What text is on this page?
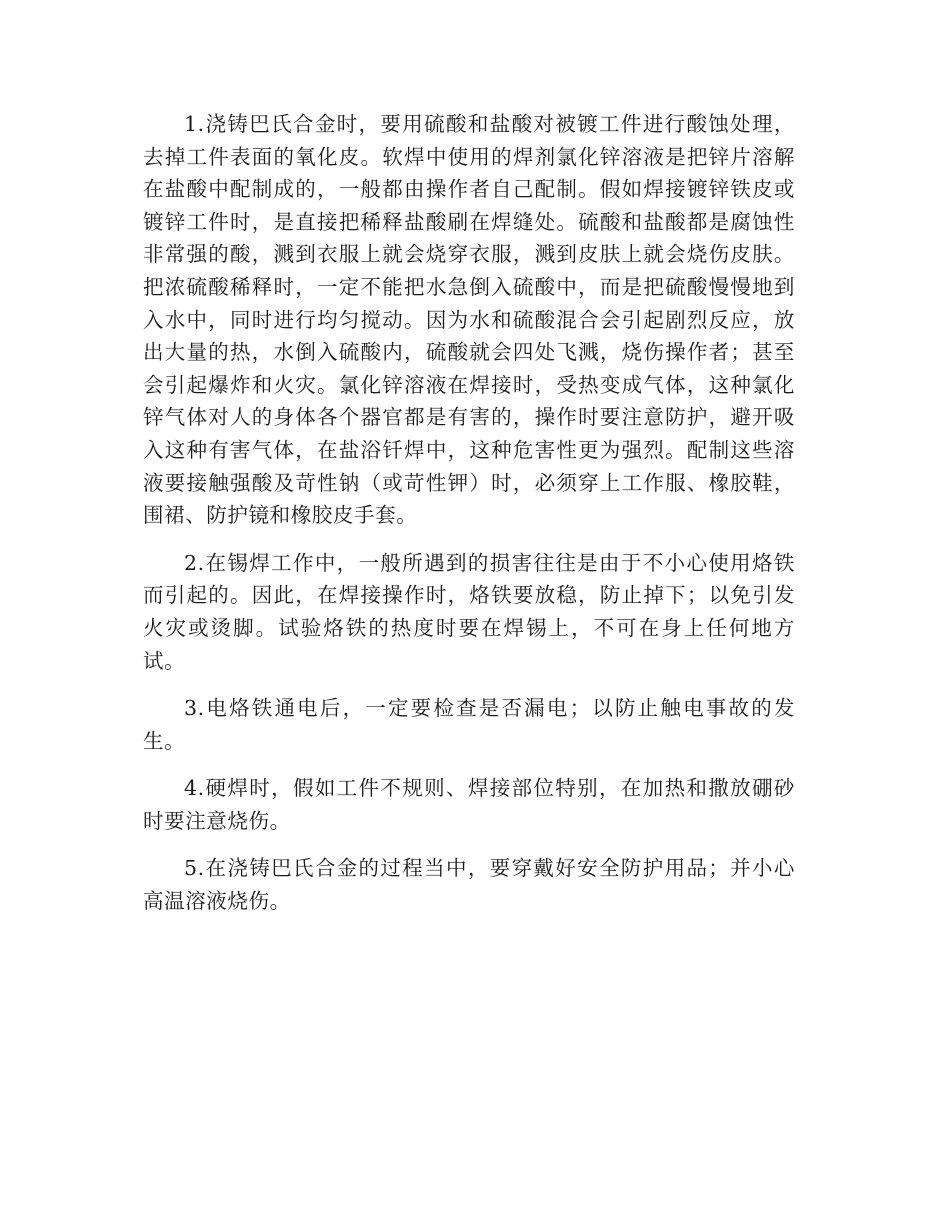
1.浇铸巴氏合金时，要用硫酸和盐酸对被镀工件进行酸蚀处理，去掉工件表面的氧化皮。软焊中使用的焊剂氯化锌溶液是把锌片溶解在盐酸中配制成的，一般都由操作者自己配制。假如焊接镀锌铁皮或镀锌工件时，是直接把稀释盐酸刷在焊缝处。硫酸和盐酸都是腐蚀性非常强的酸，溅到衣服上就会烧穿衣服，溅到皮肤上就会烧伤皮肤。把浓硫酸稀释时，一定不能把水急倒入硫酸中，而是把硫酸慢慢地到入水中，同时进行均匀搅动。因为水和硫酸混合会引起剧烈反应，放出大量的热，水倒入硫酸内，硫酸就会四处飞溅，烧伤操作者；甚至会引起爆炸和火灾。氯化锌溶液在焊接时，受热变成气体，这种氯化锌气体对人的身体各个器官都是有害的，操作时要注意防护，避开吸入这种有害气体，在盐浴钎焊中，这种危害性更为强烈。配制这些溶液要接触强酸及苛性钠（或苛性钾）时，必须穿上工作服、橡胶鞋，围裙、防护镜和橡胶皮手套。

2.在锡焊工作中，一般所遇到的损害往往是由于不小心使用烙铁而引起的。因此，在焊接操作时，烙铁要放稳，防止掉下；以免引发火灾或烫脚。试验烙铁的热度时要在焊锡上，不可在身上任何地方试。

3.电烙铁通电后，一定要检查是否漏电；以防止触电事故的发生。

4.硬焊时，假如工件不规则、焊接部位特别，在加热和撒放硼砂时要注意烧伤。

5.在浇铸巴氏合金的过程当中，要穿戴好安全防护用品；并小心高温溶液烧伤。
